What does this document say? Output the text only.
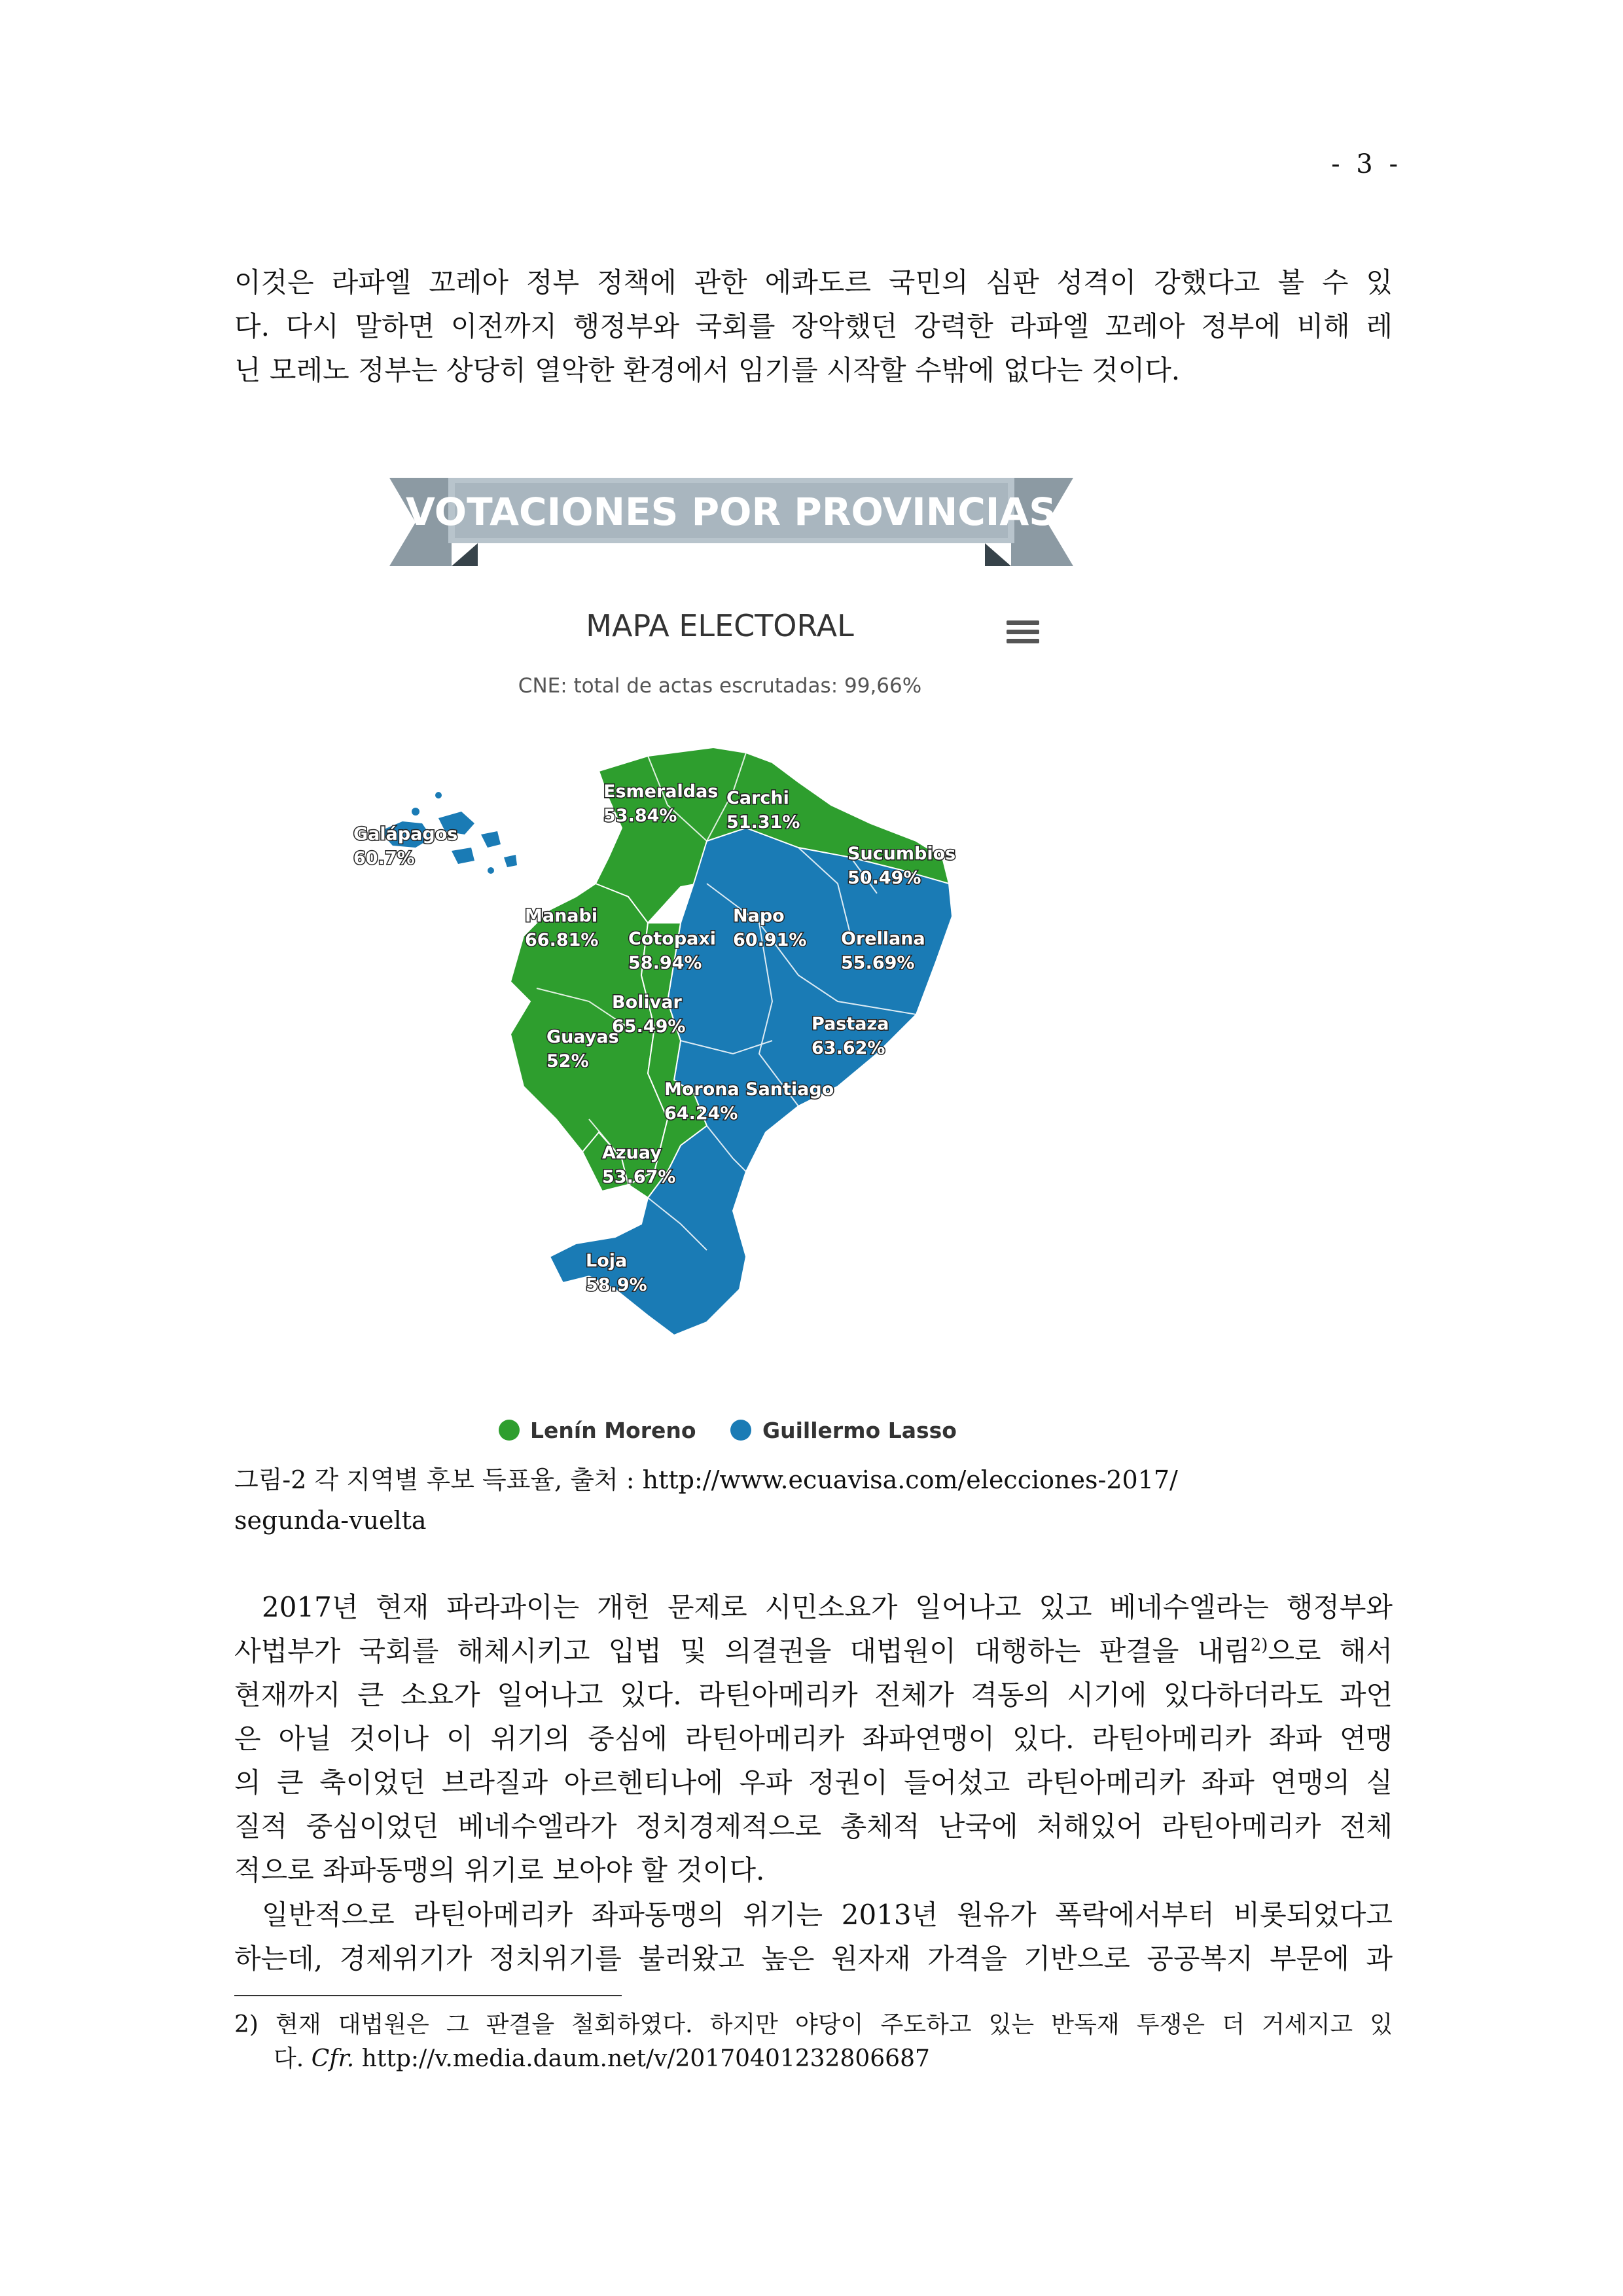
- 3 -

이것은 라파엘 꼬레아 정부 정책에 관한 에콰도르 국민의 심판 성격이 강했다고 볼 수 있
다. 다시 말하면 이전까지 행정부와 국회를 장악했던 강력한 라파엘 꼬레아 정부에 비해 레
닌 모레노 정부는 상당히 열악한 환경에서 임기를 시작할 수밖에 없다는 것이다.

VOTACIONES POR PROVINCIAS
MAPA ELECTORAL
CNE: total de actas escrutadas: 99,66%
Esmeraldas
53.84%
Carchi
51.31%
Galápagos
60.7%	Sucumbios
50.49%
Manabi
66.81% Cotopaxi
58.94%
Napo
60.91% Orellana
55.69%
Bolivar
65.49%
Guayas
52%
Pastaza
63.62%
Morona Santiago
64.24%
Azuay
53.67%
Loja
58.9%
Lenín Moreno	Guillermo Lasso
그림-2 각 지역별 후보 득표율, 출처 : http://www.ecuavisa.com/elecciones-2017/
segunda-vuelta

2017년 현재 파라과이는 개헌 문제로 시민소요가 일어나고 있고 베네수엘라는 행정부와
사법부가 국회를 해체시키고 입법 및 의결권을 대법원이 대행하는 판결을 내림$^{2)}$으로 해서
현재까지 큰 소요가 일어나고 있다. 라틴아메리카 전체가 격동의 시기에 있다하더라도 과언
은 아닐 것이나 이 위기의 중심에 라틴아메리카 좌파연맹이 있다. 라틴아메리카 좌파 연맹
의 큰 축이었던 브라질과 아르헨티나에 우파 정권이 들어섰고 라틴아메리카 좌파 연맹의 실
질적 중심이었던 베네수엘라가 정치경제적으로 총체적 난국에 처해있어 라틴아메리카 전체
적으로 좌파동맹의 위기로 보아야 할 것이다.

일반적으로 라틴아메리카 좌파동맹의 위기는 2013년 원유가 폭락에서부터 비롯되었다고
하는데, 경제위기가 정치위기를 불러왔고 높은 원자재 가격을 기반으로 공공복지 부문에 과

2) 현재 대법원은 그 판결을 철회하였다. 하지만 야당이 주도하고 있는 반독재 투쟁은 더 거세지고 있
다. Cfr. http://v.media.daum.net/v/20170401232806687
